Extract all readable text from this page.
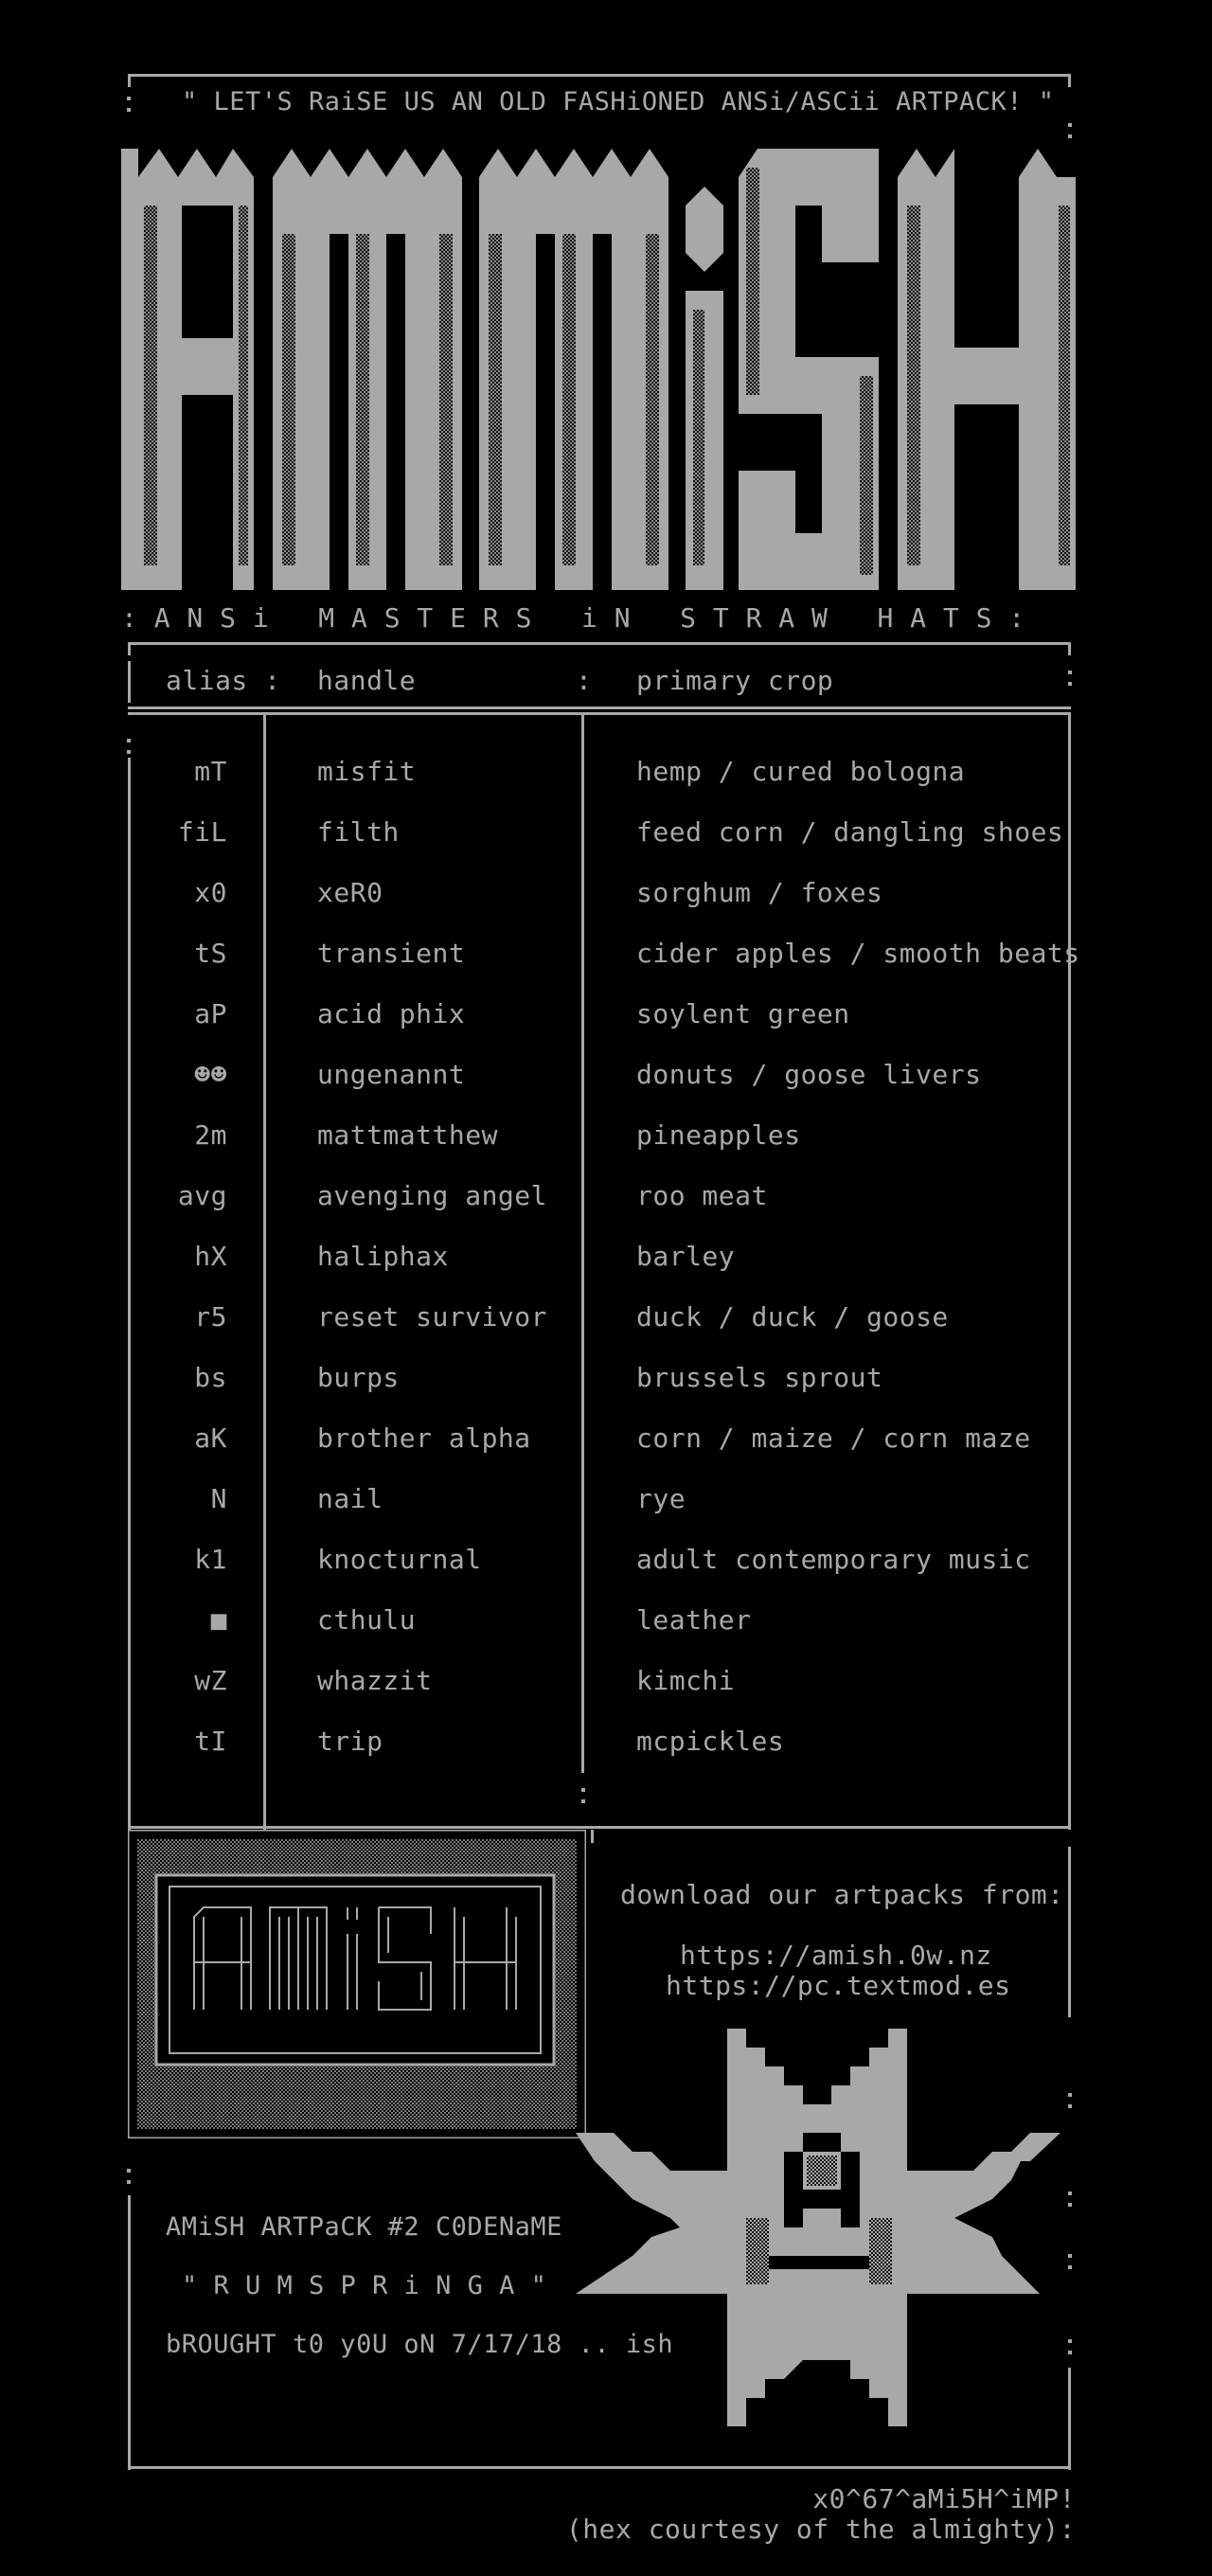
" LET'S RaiSE US AN OLD FASHiONED ANSi/ASCii ARTPACK! "
: A N S i   M A S T E R S   i N   S T R A W   H A T S :
alias : handle	: primary crop
mT	misfit	hemp / cured bologna
fiL	filth	feed corn / dangling shoes
x0	xeR0	sorghum / foxes
tS	transient	cider apples / smooth beats
aP	acid phix	soylent green
☻☻	ungenannt	donuts / goose livers
2m	mattmatthew	pineapples
avg	avenging angel	roo meat
hX	haliphax	barley
r5	reset survivor	duck / duck / goose
bs	burps	brussels sprout
aK	brother alpha	corn / maize / corn maze
N	nail	rye
k1	knocturnal	adult contemporary music
■	cthulu	leather
wZ	whazzit	kimchi
tI	trip	mcpickles
download our artpacks from:
https://amish.0w.nz
https://pc.textmod.es
AMiSH ARTPaCK #2 C0DENaME
" R U M S P R i N G A "
bROUGHT t0 y0U oN 7/17/18 .. ish
x0^67^aMi5H^iMP!
(hex courtesy of the almighty):
